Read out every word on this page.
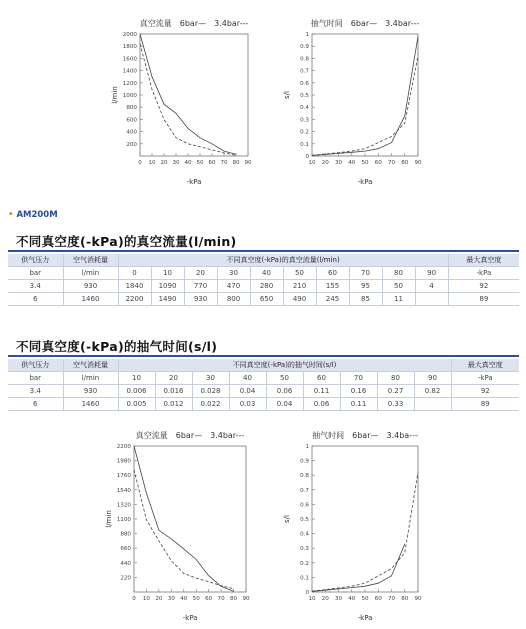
真空流量　6bar—　3.4bar---
200
400
600
800
1000
1200
1400
1600
1800
2000
0 10 20 30 40 50 60 70 80 90
-kPa
l/min
抽气时间　6bar—　3.4bar---
0
0.1
0.2
0.3
0.4
0.5
0.6
0.7
0.8
0.9
1
10 20 30 40 50 60 70 80 90
-kPa
s/l
• AM200M
不同真空度(-kPa)的真空流量(l/min)
供气压力	空气消耗量	不同真空度(-kPa)的真空流量(l/min)										最大真空度
bar	l/min	0	10	20	30	40	50	60	70	80	90	-kPa
3.4	930	1840	1090	770	470	280	210	155	95	50	4	92
6	1460	2200	1490	930	800	650	490	245	85	11		89
不同真空度(-kPa)的抽气时间(s/l)
供气压力	空气消耗量	不同真空度(-kPa)的抽气时间(s/l)									最大真空度
bar	l/min	10	20	30	40	50	60	70	80	90	-kPa
3.4	930	0.006	0.016	0.028	0.04	0.06	0.11	0.16	0.27	0.82	92
6	1460	0.005	0.012	0.022	0.03	0.04	0.06	0.11	0.33		89
真空流量　6bar—　3.4bar---
220
440
660
880
1100
1320
1540
1760
1980
2200
0 10 20 30 40 50 60 70 80 90
-kPa
l/min
抽气时间　6bar—　3.4ba---
0
0.1
0.2
0.3
0.4
0.5
0.6
0.7
0.8
0.9
1
10 20 30 40 50 60 70 80 90
-kPa
s/l
